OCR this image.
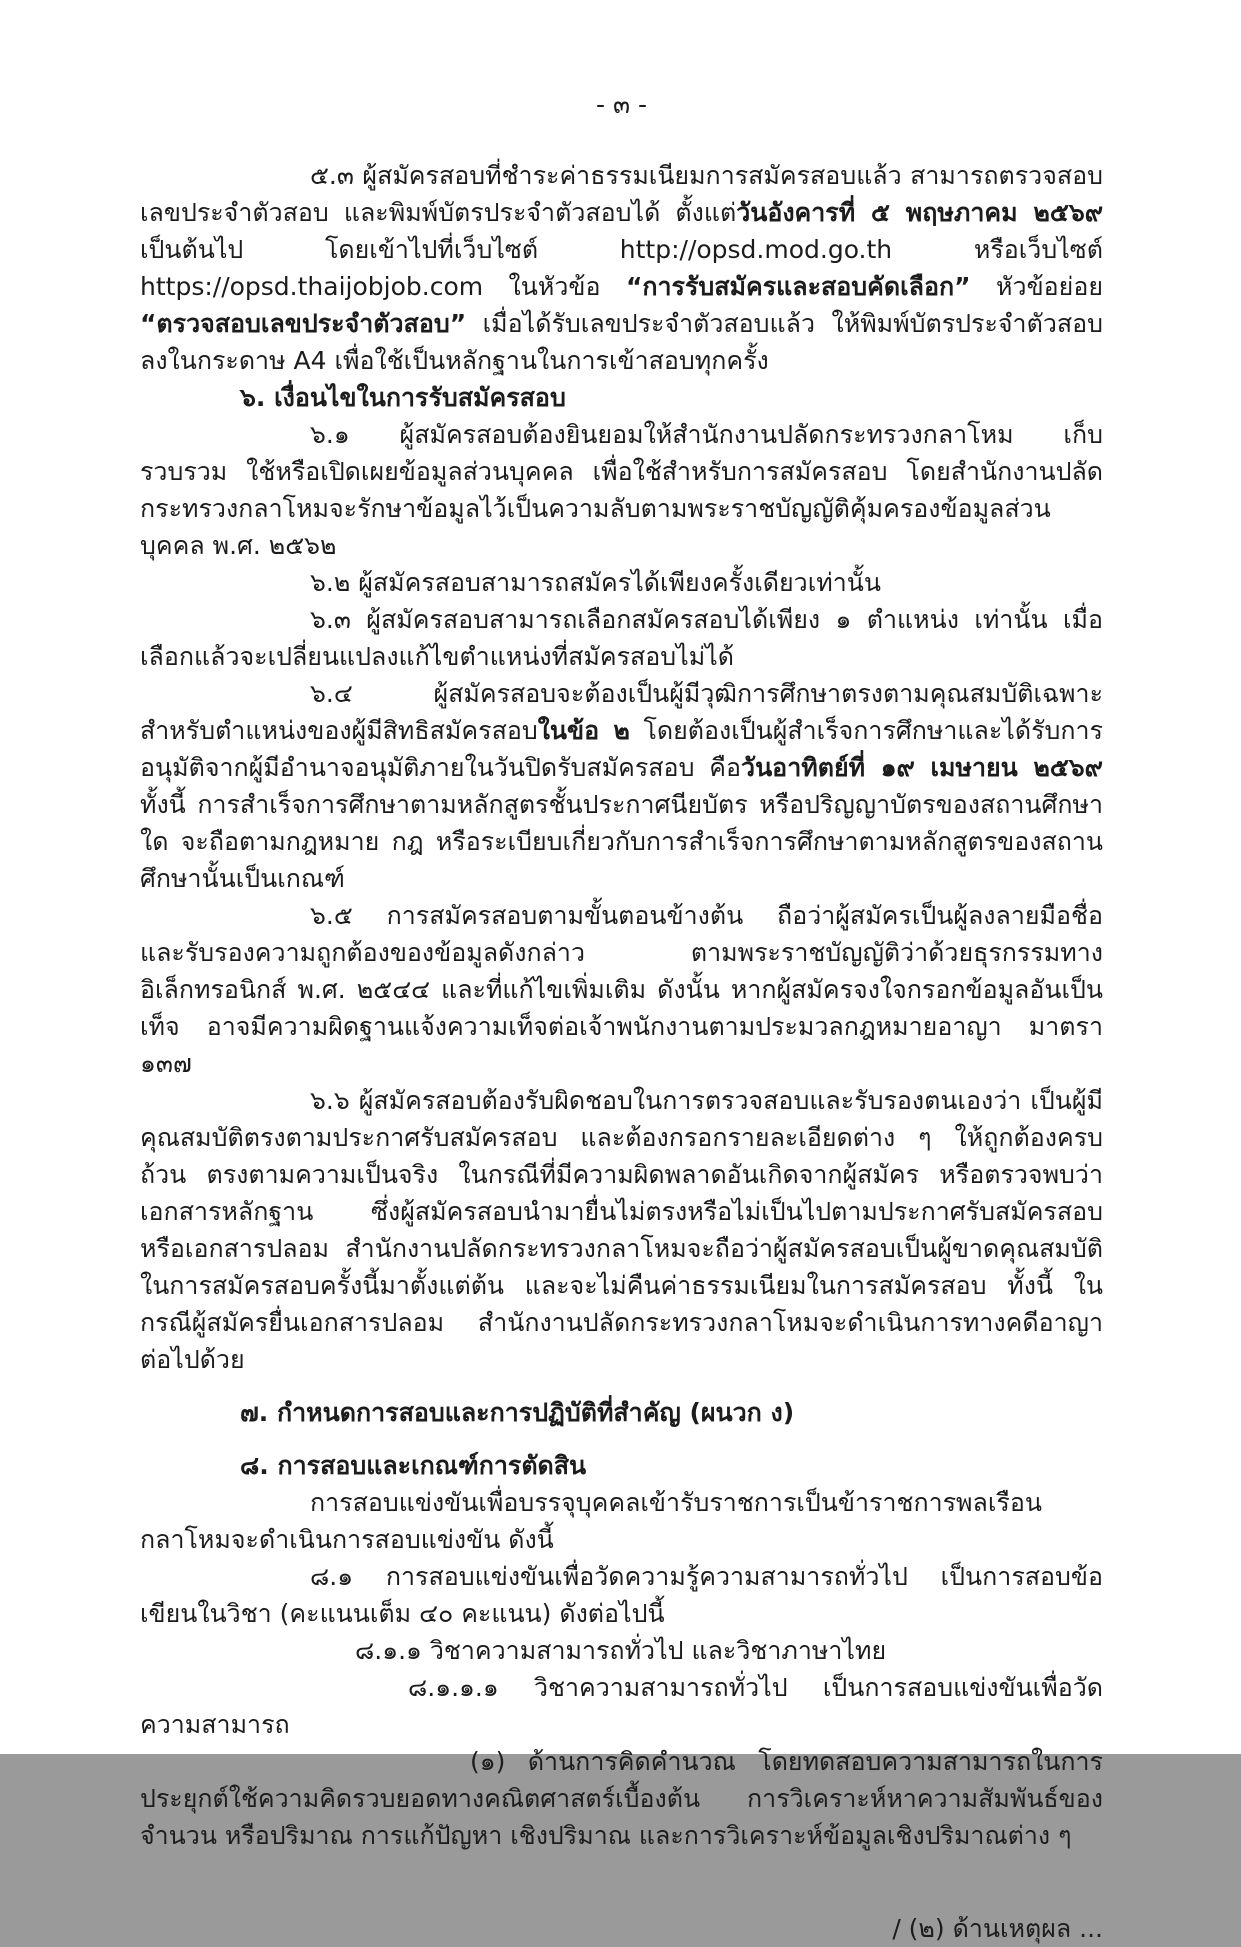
- ๓ -

๕.๓ ผู้สมัครสอบที่ชำระค่าธรรมเนียมการสมัครสอบแล้ว สามารถตรวจสอบเลขประจำตัวสอบ และพิมพ์บัตรประจำตัวสอบได้ ตั้งแต่วันอังคารที่ ๕ พฤษภาคม ๒๕๖๙ เป็นต้นไป โดยเข้าไปที่เว็บไซต์ http://opsd.mod.go.th หรือเว็บไซต์ https://opsd.thaijobjob.com ในหัวข้อ “การรับสมัครและสอบคัดเลือก” หัวข้อย่อย “ตรวจสอบเลขประจำตัวสอบ” เมื่อได้รับเลขประจำตัวสอบแล้ว ให้พิมพ์บัตรประจำตัวสอบลงในกระดาษ A4 เพื่อใช้เป็นหลักฐานในการเข้าสอบทุกครั้ง

๖. เงื่อนไขในการรับสมัครสอบ

๖.๑ ผู้สมัครสอบต้องยินยอมให้สำนักงานปลัดกระทรวงกลาโหม เก็บรวบรวม ใช้หรือเปิดเผยข้อมูลส่วนบุคคล เพื่อใช้สำหรับการสมัครสอบ โดยสำนักงานปลัดกระทรวงกลาโหมจะรักษาข้อมูลไว้เป็นความลับตามพระราชบัญญัติคุ้มครองข้อมูลส่วนบุคคล พ.ศ. ๒๕๖๒

๖.๒ ผู้สมัครสอบสามารถสมัครได้เพียงครั้งเดียวเท่านั้น

๖.๓ ผู้สมัครสอบสามารถเลือกสมัครสอบได้เพียง ๑ ตำแหน่ง เท่านั้น เมื่อเลือกแล้วจะเปลี่ยนแปลงแก้ไขตำแหน่งที่สมัครสอบไม่ได้

๖.๔ ผู้สมัครสอบจะต้องเป็นผู้มีวุฒิการศึกษาตรงตามคุณสมบัติเฉพาะสำหรับตำแหน่งของผู้มีสิทธิสมัครสอบในข้อ ๒ โดยต้องเป็นผู้สำเร็จการศึกษาและได้รับการอนุมัติจากผู้มีอำนาจอนุมัติภายในวันปิดรับสมัครสอบ คือวันอาทิตย์ที่ ๑๙ เมษายน ๒๕๖๙ ทั้งนี้ การสำเร็จการศึกษาตามหลักสูตรชั้นประกาศนียบัตร หรือปริญญาบัตรของสถานศึกษาใด จะถือตามกฎหมาย กฎ หรือระเบียบเกี่ยวกับการสำเร็จการศึกษาตามหลักสูตรของสถานศึกษานั้นเป็นเกณฑ์

๖.๕ การสมัครสอบตามขั้นตอนข้างต้น ถือว่าผู้สมัครเป็นผู้ลงลายมือชื่อ และรับรองความถูกต้องของข้อมูลดังกล่าว ตามพระราชบัญญัติว่าด้วยธุรกรรมทางอิเล็กทรอนิกส์ พ.ศ. ๒๕๔๔ และที่แก้ไขเพิ่มเติม ดังนั้น หากผู้สมัครจงใจกรอกข้อมูลอันเป็นเท็จ อาจมีความผิดฐานแจ้งความเท็จต่อเจ้าพนักงานตามประมวลกฎหมายอาญา มาตรา ๑๓๗

๖.๖ ผู้สมัครสอบต้องรับผิดชอบในการตรวจสอบและรับรองตนเองว่า เป็นผู้มีคุณสมบัติตรงตามประกาศรับสมัครสอบ และต้องกรอกรายละเอียดต่าง ๆ ให้ถูกต้องครบถ้วน ตรงตามความเป็นจริง ในกรณีที่มีความผิดพลาดอันเกิดจากผู้สมัคร หรือตรวจพบว่าเอกสารหลักฐาน ซึ่งผู้สมัครสอบนำมายื่นไม่ตรงหรือไม่เป็นไปตามประกาศรับสมัครสอบ หรือเอกสารปลอม สำนักงานปลัดกระทรวงกลาโหมจะถือว่าผู้สมัครสอบเป็นผู้ขาดคุณสมบัติในการสมัครสอบครั้งนี้มาตั้งแต่ต้น และจะไม่คืนค่าธรรมเนียมในการสมัครสอบ ทั้งนี้ ในกรณีผู้สมัครยื่นเอกสารปลอม สำนักงานปลัดกระทรวงกลาโหมจะดำเนินการทางคดีอาญาต่อไปด้วย

๗. กำหนดการสอบและการปฏิบัติที่สำคัญ (ผนวก ง)

๘. การสอบและเกณฑ์การตัดสิน

การสอบแข่งขันเพื่อบรรจุบุคคลเข้ารับราชการเป็นข้าราชการพลเรือนกลาโหมจะดำเนินการสอบแข่งขัน ดังนี้

๘.๑ การสอบแข่งขันเพื่อวัดความรู้ความสามารถทั่วไป เป็นการสอบข้อเขียนในวิชา (คะแนนเต็ม ๔๐ คะแนน) ดังต่อไปนี้

๘.๑.๑ วิชาความสามารถทั่วไป และวิชาภาษาไทย

๘.๑.๑.๑ วิชาความสามารถทั่วไป เป็นการสอบแข่งขันเพื่อวัดความสามารถ

(๑) ด้านการคิดคำนวณ โดยทดสอบความสามารถในการประยุกต์ใช้ความคิดรวบยอดทางคณิตศาสตร์เบื้องต้น การวิเคราะห์หาความสัมพันธ์ของจำนวน หรือปริมาณ การแก้ปัญหา เชิงปริมาณ และการวิเคราะห์ข้อมูลเชิงปริมาณต่าง ๆ

/ (๒) ด้านเหตุผล ...
